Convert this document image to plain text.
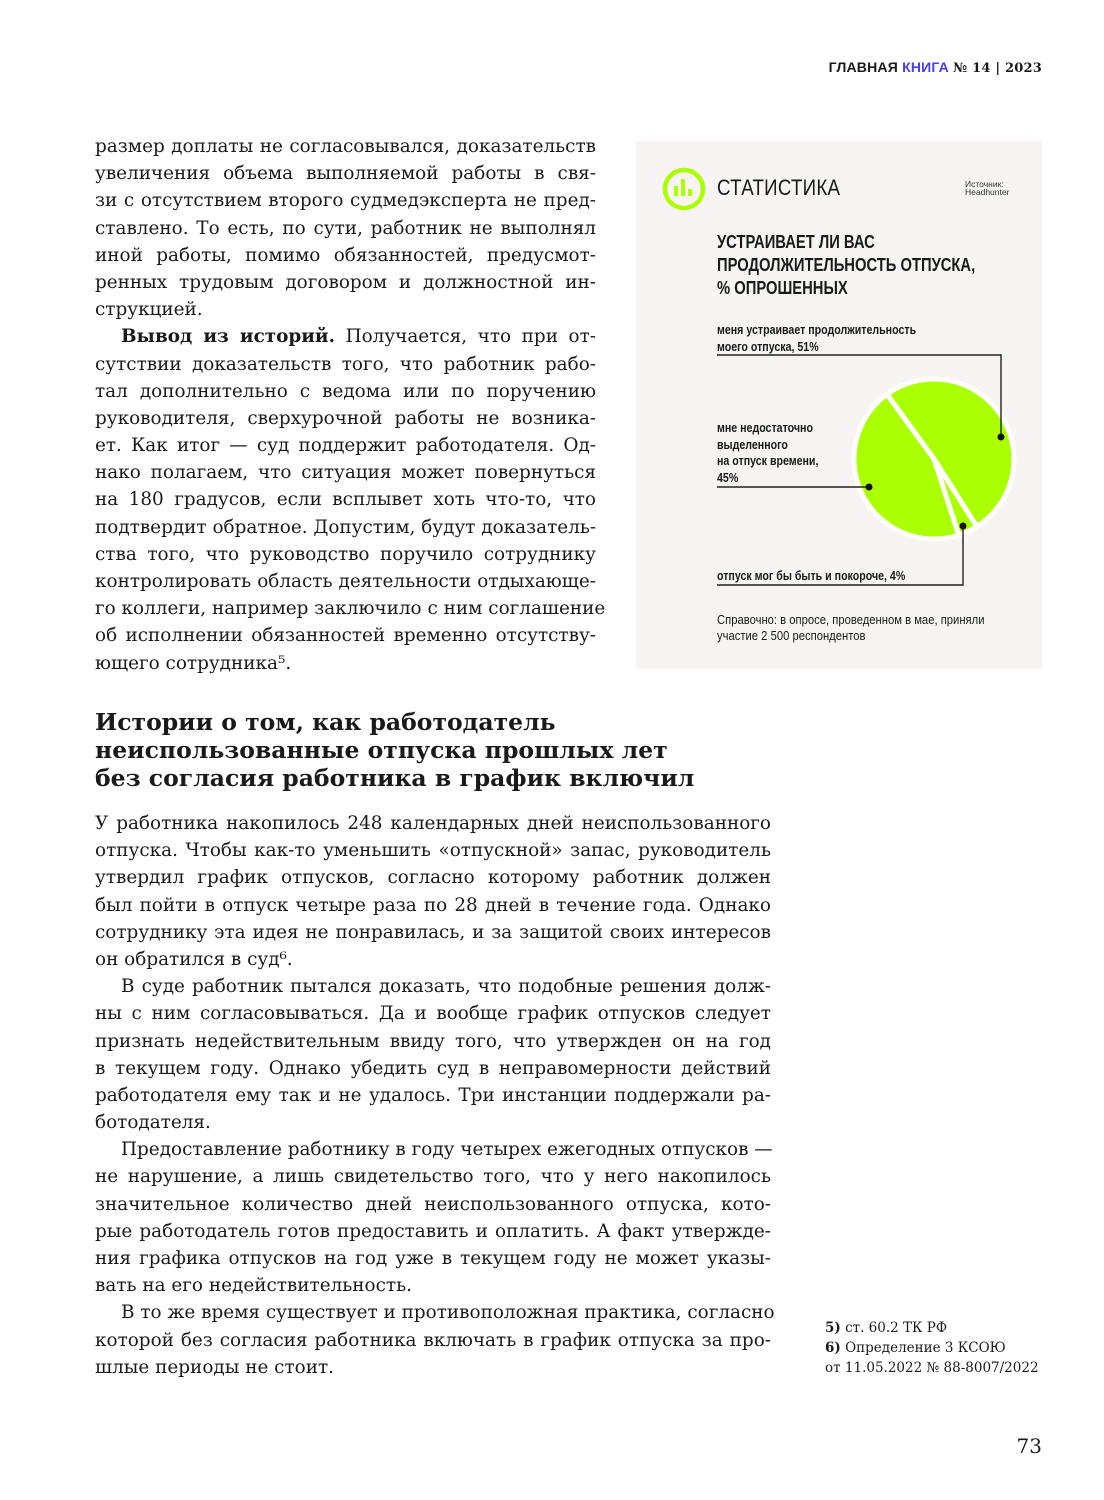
ГЛАВНАЯ КНИГА № 14 | 2023
размер доплаты не согласовывался, доказательств
увеличения объема выполняемой работы в свя-
зи с отсутствием второго судмедэксперта не пред-
ставлено. То есть, по сути, работник не выполнял
иной работы, помимо обязанностей, предусмот-
ренных трудовым договором и должностной ин-
струкцией.
Вывод из историй. Получается, что при от-
сутствии доказательств того, что работник рабо-
тал дополнительно с ведома или по поручению
руководителя, сверхурочной работы не возника-
ет. Как итог — суд поддержит работодателя. Од-
нако полагаем, что ситуация может повернуться
на 180 градусов, если всплывет хоть что-то, что
подтвердит обратное. Допустим, будут доказатель-
ства того, что руководство поручило сотруднику
контролировать область деятельности отдыхающе-
го коллеги, например заключило с ним соглашение
об исполнении обязанностей временно отсутству-
ющего сотрудника⁵.
Истории о том, как работодатель
неиспользованные отпуска прошлых лет
без согласия работника в график включил
У работника накопилось 248 календарных дней неиспользованного
отпуска. Чтобы как-то уменьшить «отпускной» запас, руководитель
утвердил график отпусков, согласно которому работник должен
был пойти в отпуск четыре раза по 28 дней в течение года. Однако
сотруднику эта идея не понравилась, и за защитой своих интересов
он обратился в суд⁶.
В суде работник пытался доказать, что подобные решения долж-
ны с ним согласовываться. Да и вообще график отпусков следует
признать недействительным ввиду того, что утвержден он на год
в текущем году. Однако убедить суд в неправомерности действий
работодателя ему так и не удалось. Три инстанции поддержали ра-
ботодателя.
Предоставление работнику в году четырех ежегодных отпусков —
не нарушение, а лишь свидетельство того, что у него накопилось
значительное количество дней неиспользованного отпуска, кото-
рые работодатель готов предоставить и оплатить. А факт утвержде-
ния графика отпусков на год уже в текущем году не может указы-
вать на его недействительность.
В то же время существует и противоположная практика, согласно
которой без согласия работника включать в график отпуска за про-
шлые периоды не стоит.
СТАТИСТИКА	Источник:
Headhunter
УСТРАИВАЕТ ЛИ ВАС
ПРОДОЛЖИТЕЛЬНОСТЬ ОТПУСКА,
% ОПРОШЕННЫХ
меня устраивает продолжительность
моего отпуска, 51%
мне недостаточно
выделенного
на отпуск времени,
45%
отпуск мог бы быть и покороче, 4%
Справочно: в опросе, проведенном в мае, приняли
участие 2 500 респондентов
5) ст. 60.2 ТК РФ
6) Определение 3 КСОЮ
от 11.05.2022 № 88-8007/2022
73
